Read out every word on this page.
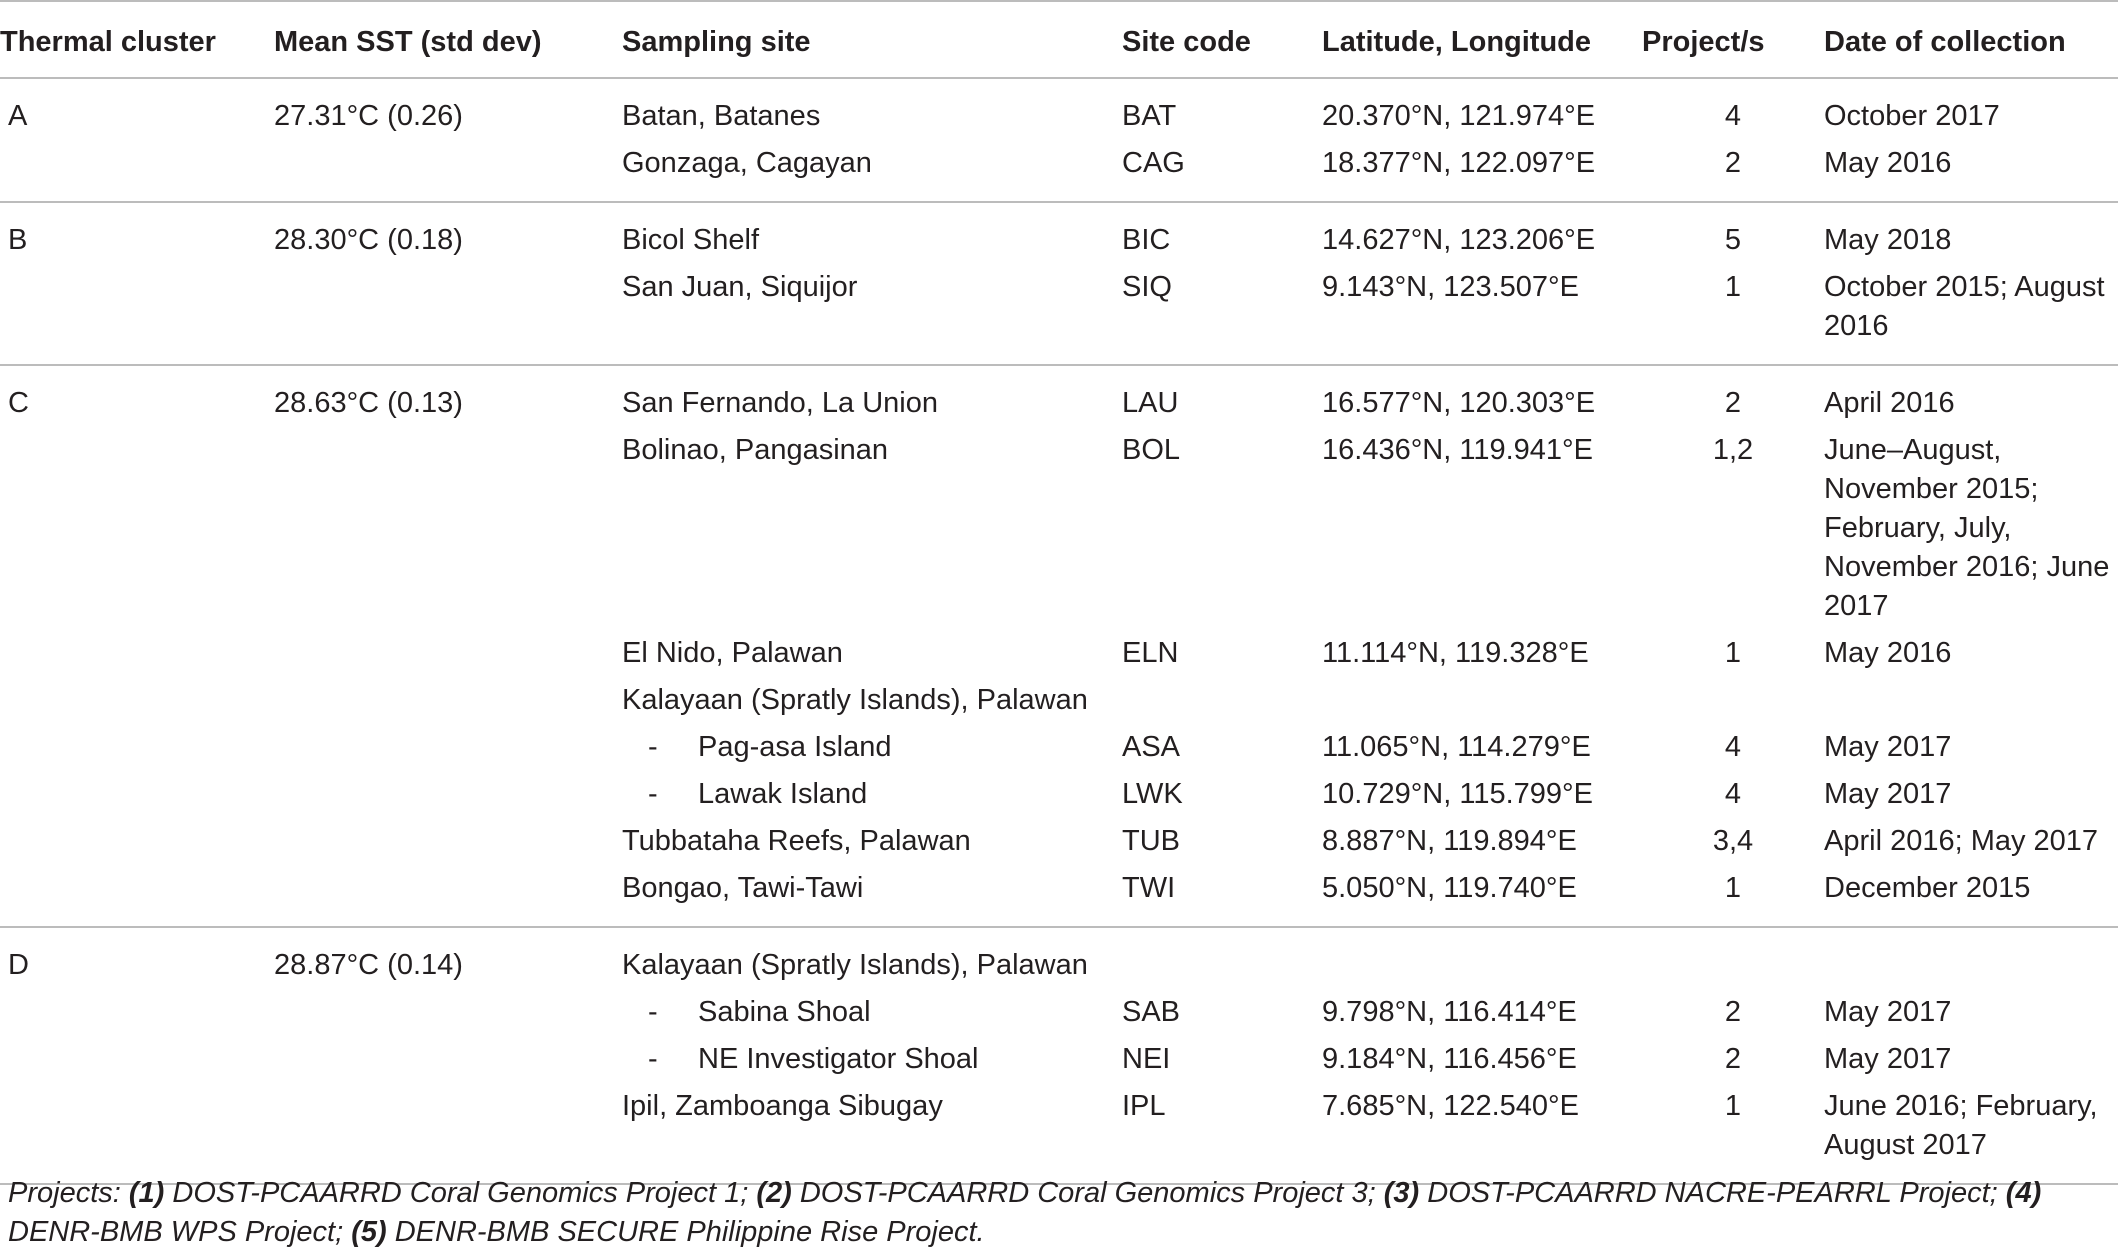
Thermal cluster	Mean SST (std dev)	Sampling site	Site code	Latitude, Longitude	Project/s	Date of collection
A	27.31°C (0.26)	Batan, Batanes	BAT	20.370°N, 121.974°E	4	October 2017
		Gonzaga, Cagayan	CAG	18.377°N, 122.097°E	2	May 2016
B	28.30°C (0.18)	Bicol Shelf	BIC	14.627°N, 123.206°E	5	May 2018
		San Juan, Siquijor	SIQ	9.143°N, 123.507°E	1	October 2015; August 2016
C	28.63°C (0.13)	San Fernando, La Union	LAU	16.577°N, 120.303°E	2	April 2016
		Bolinao, Pangasinan	BOL	16.436°N, 119.941°E	1,2	June–August, November 2015; February, July, November 2016; June 2017
		El Nido, Palawan	ELN	11.114°N, 119.328°E	1	May 2016
		Kalayaan (Spratly Islands), Palawan				
		- Pag-asa Island	ASA	11.065°N, 114.279°E	4	May 2017
		- Lawak Island	LWK	10.729°N, 115.799°E	4	May 2017
		Tubbataha Reefs, Palawan	TUB	8.887°N, 119.894°E	3,4	April 2016; May 2017
		Bongao, Tawi-Tawi	TWI	5.050°N, 119.740°E	1	December 2015
D	28.87°C (0.14)	Kalayaan (Spratly Islands), Palawan				
		- Sabina Shoal	SAB	9.798°N, 116.414°E	2	May 2017
		- NE Investigator Shoal	NEI	9.184°N, 116.456°E	2	May 2017
		Ipil, Zamboanga Sibugay	IPL	7.685°N, 122.540°E	1	June 2016; February, August 2017
Projects: (1) DOST-PCAARRD Coral Genomics Project 1; (2) DOST-PCAARRD Coral Genomics Project 3; (3) DOST-PCAARRD NACRE-PEARRL Project; (4) DENR-BMB WPS Project; (5) DENR-BMB SECURE Philippine Rise Project.
